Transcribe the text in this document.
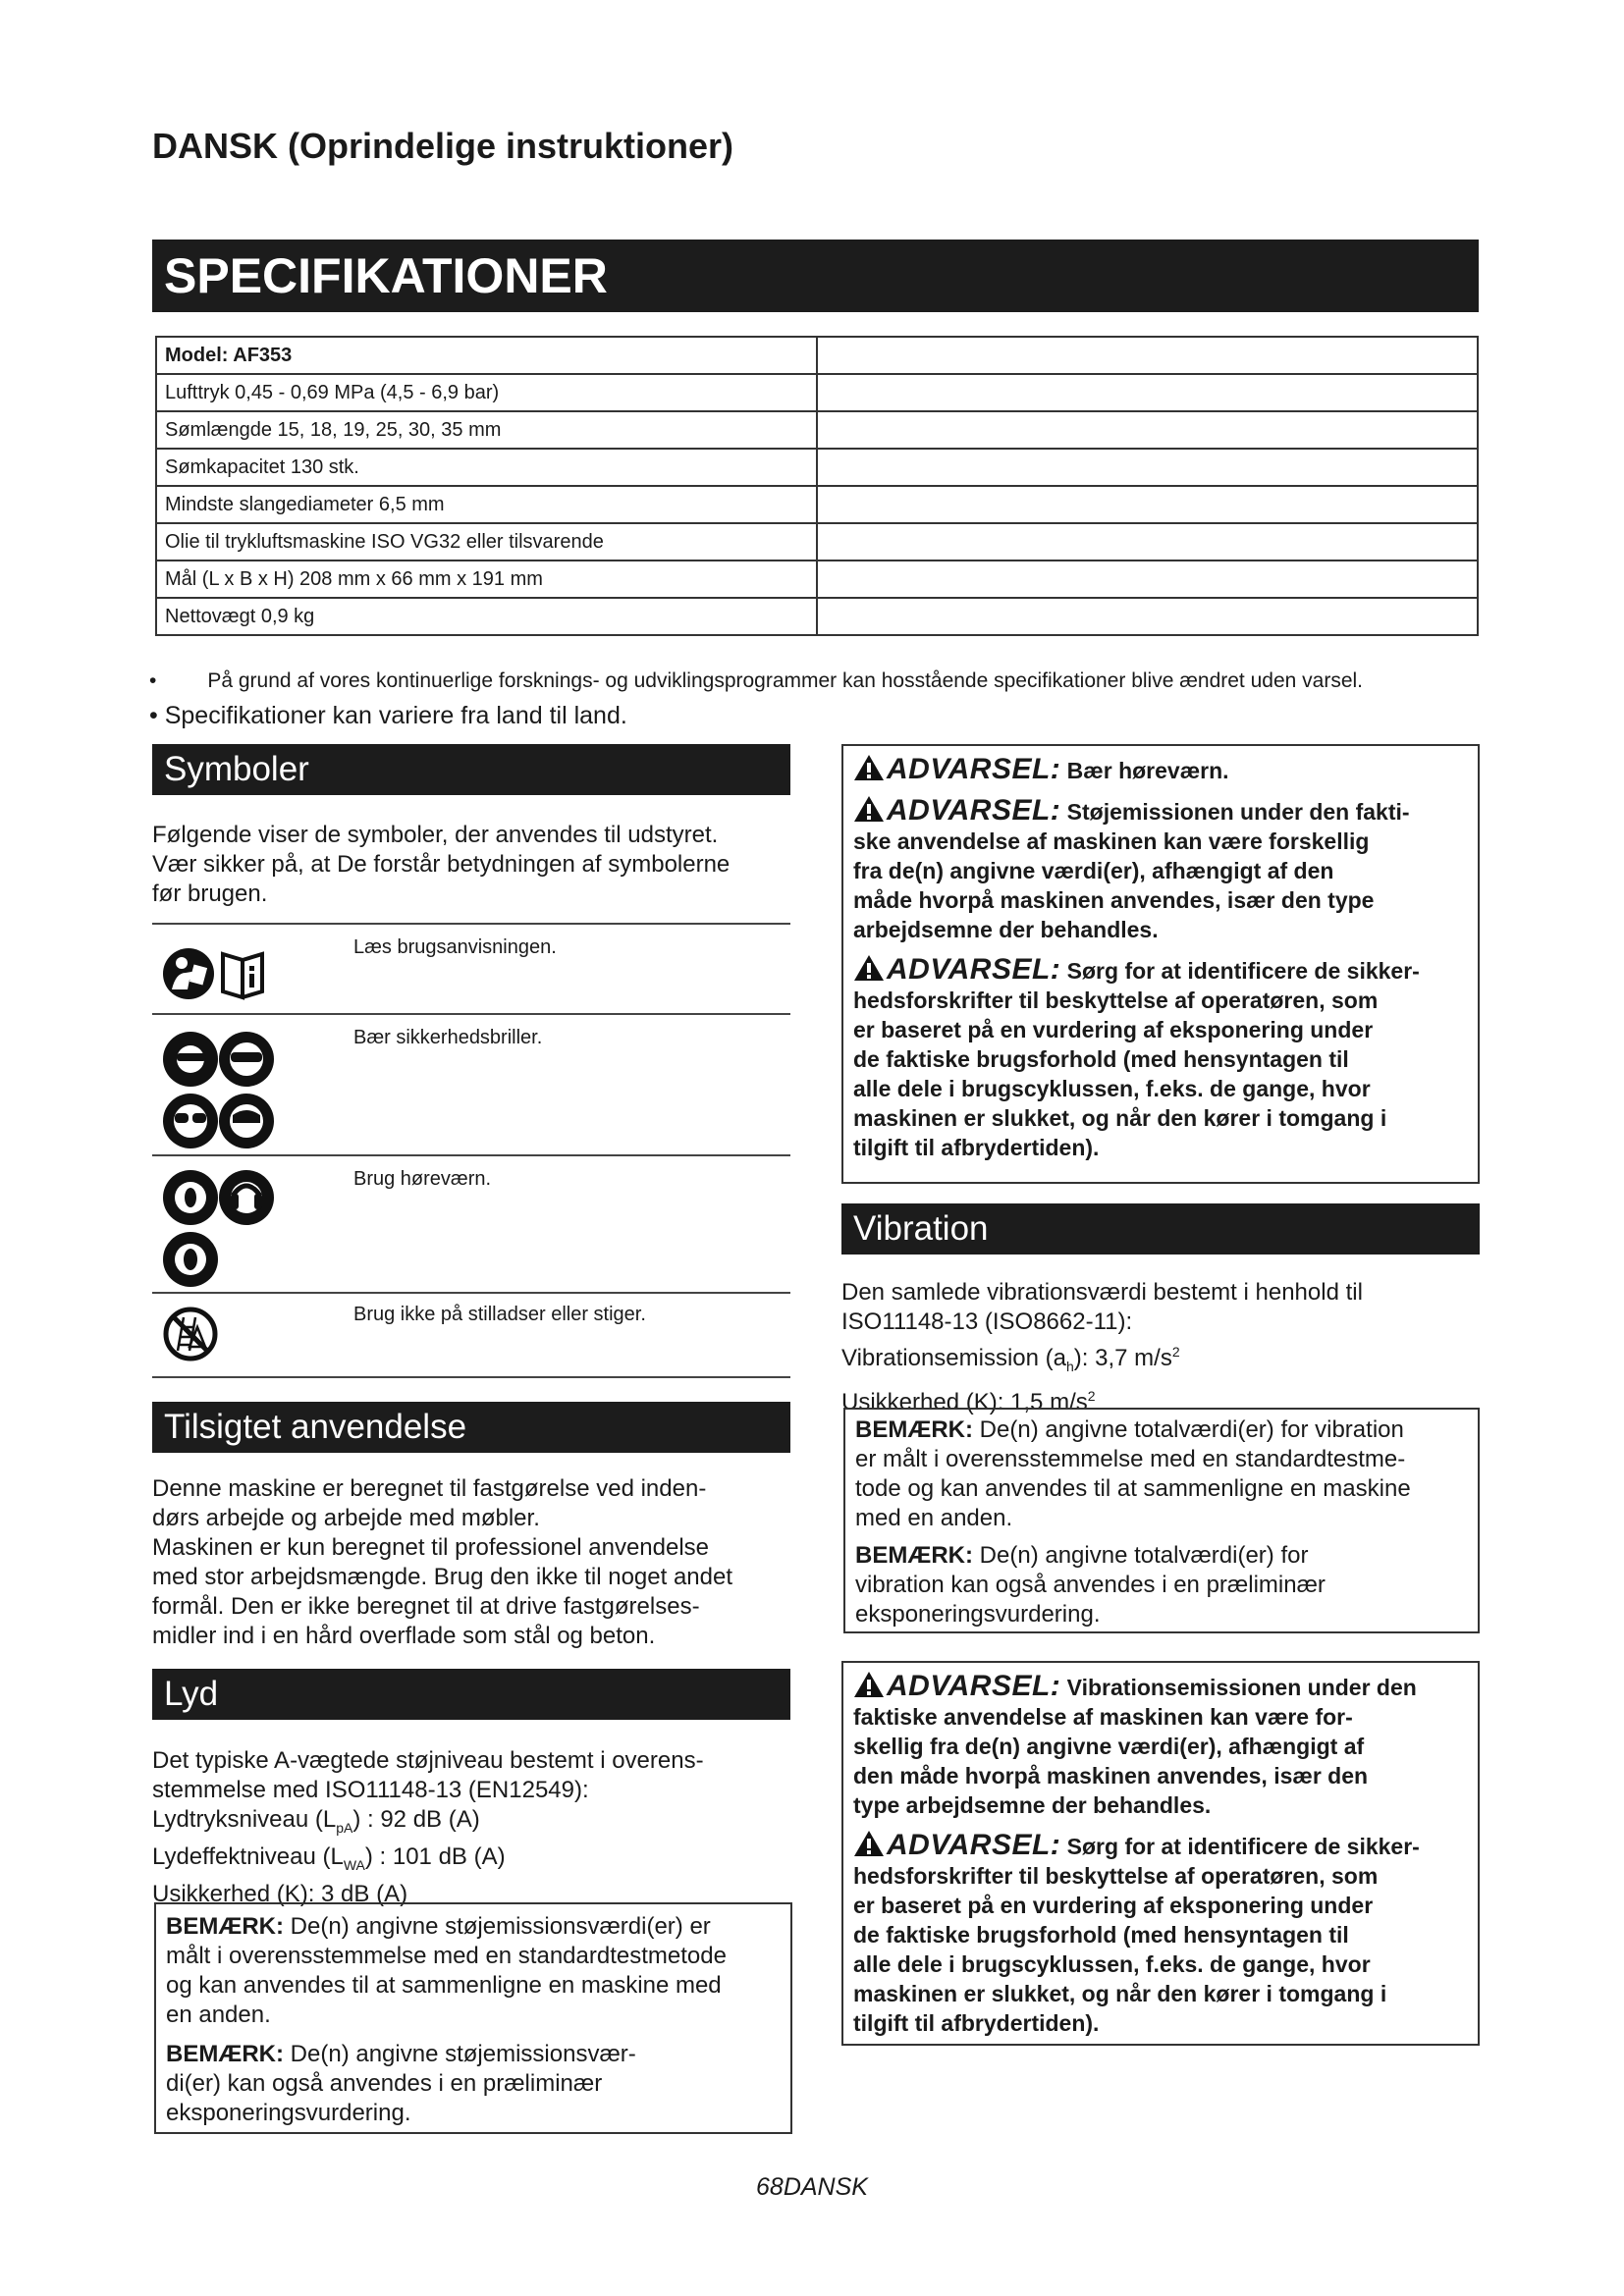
DANSK (Oprindelige instruktioner)
SPECIFIKATIONER
Model: AF353	
Lufttryk 0,45 - 0,69 MPa (4,5 - 6,9 bar)	
Sømlængde 15, 18, 19, 25, 30, 35 mm	
Sømkapacitet 130 stk.	
Mindste slangediameter 6,5 mm	
Olie til trykluftsmaskine ISO VG32 eller tilsvarende	
Mål (L x B x H) 208 mm x 66 mm x 191 mm	
Nettovægt 0,9 kg	
• På grund af vores kontinuerlige forsknings- og udviklingsprogrammer kan hosstående specifikationer blive ændret uden varsel.
• Specifikationer kan variere fra land til land.
Symboler
Følgende viser de symboler, der anvendes til udstyret.
Vær sikker på, at De forstår betydningen af symbolerne
før brugen.
Læs brugsanvisningen.
Bær sikkerhedsbriller.
Brug høreværn.
Brug ikke på stilladser eller stiger.
Tilsigtet anvendelse
Denne maskine er beregnet til fastgørelse ved inden-
dørs arbejde og arbejde med møbler.
Maskinen er kun beregnet til professionel anvendelse
med stor arbejdsmængde. Brug den ikke til noget andet
formål. Den er ikke beregnet til at drive fastgørelses-
midler ind i en hård overflade som stål og beton.
Lyd
Det typiske A-vægtede støjniveau bestemt i overens-
stemmelse med ISO11148-13 (EN12549):
Lydtryksniveau $(L_{pA})$ : 92 dB (A)
Lydeffektniveau $(L_{WA})$ : 101 dB (A)
Usikkerhed (K): 3 dB (A)
BEMÆRK: De(n) angivne støjemissionsværdi(er) er
målt i overensstemmelse med en standardtestmetode
og kan anvendes til at sammenligne en maskine med
en anden.
BEMÆRK: De(n) angivne støjemissionsvær-
di(er) kan også anvendes i en præliminær
eksponeringsvurdering.
ADVARSEL: Bær høreværn.
ADVARSEL: Støjemissionen under den fakti-
ske anvendelse af maskinen kan være forskellig
fra de(n) angivne værdi(er), afhængigt af den
måde hvorpå maskinen anvendes, især den type
arbejdsemne der behandles.
ADVARSEL: Sørg for at identificere de sikker-
hedsforskrifter til beskyttelse af operatøren, som
er baseret på en vurdering af eksponering under
de faktiske brugsforhold (med hensyntagen til
alle dele i brugscyklussen, f.eks. de gange, hvor
maskinen er slukket, og når den kører i tomgang i
tilgift til afbrydertiden).
Vibration
Den samlede vibrationsværdi bestemt i henhold til
ISO11148-13 (ISO8662-11):
Vibrationsemission $(a_h)$: 3,7 $m/s^2$
Usikkerhed (K): 1,5 $m/s^2$
BEMÆRK: De(n) angivne totalværdi(er) for vibration
er målt i overensstemmelse med en standardtestme-
tode og kan anvendes til at sammenligne en maskine
med en anden.
BEMÆRK: De(n) angivne totalværdi(er) for
vibration kan også anvendes i en præliminær
eksponeringsvurdering.
ADVARSEL: Vibrationsemissionen under den
faktiske anvendelse af maskinen kan være for-
skellig fra de(n) angivne værdi(er), afhængigt af
den måde hvorpå maskinen anvendes, især den
type arbejdsemne der behandles.
ADVARSEL: Sørg for at identificere de sikker-
hedsforskrifter til beskyttelse af operatøren, som
er baseret på en vurdering af eksponering under
de faktiske brugsforhold (med hensyntagen til
alle dele i brugscyklussen, f.eks. de gange, hvor
maskinen er slukket, og når den kører i tomgang i
tilgift til afbrydertiden).
68DANSK
